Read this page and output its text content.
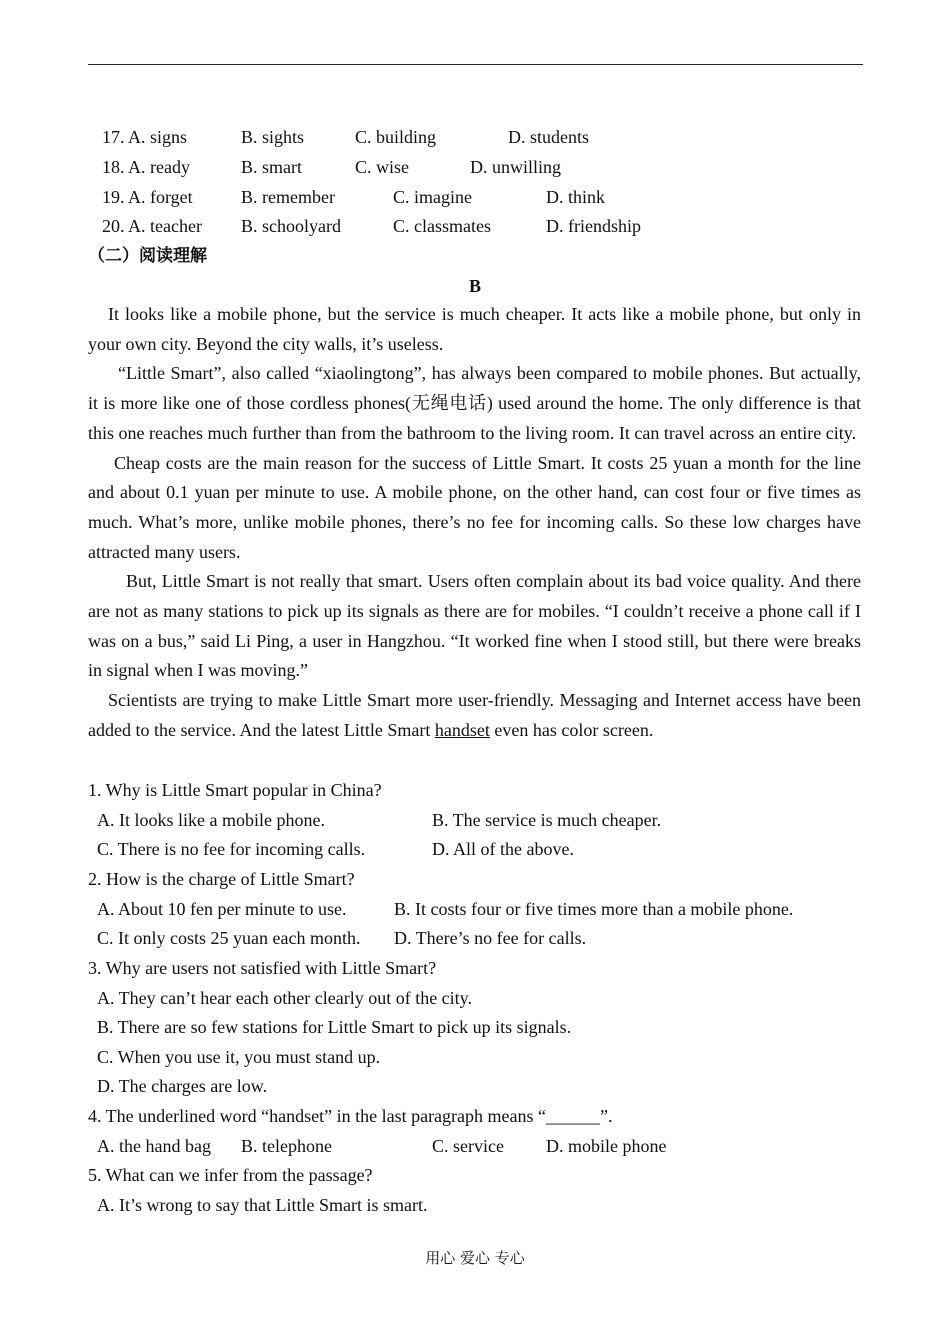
17. A. signs	B. sights	C. building	D. students
18. A. ready	B. smart	C. wise	D. unwilling
19. A. forget	B. remember	C. imagine	D. think
20. A. teacher B. schoolyard	C. classmates	D. friendship
（二）阅读理解
B
It looks like a mobile phone, but the service is much cheaper. It acts like a mobile phone, but only in your own city. Beyond the city walls, it’s useless.
“Little Smart”, also called “xiaolingtong”, has always been compared to mobile phones. But actually, it is more like one of those cordless phones(无绳电话) used around the home. The only difference is that this one reaches much further than from the bathroom to the living room. It can travel across an entire city.
Cheap costs are the main reason for the success of Little Smart. It costs 25 yuan a month for the line and about 0.1 yuan per minute to use. A mobile phone, on the other hand, can cost four or five times as much. What’s more, unlike mobile phones, there’s no fee for incoming calls. So these low charges have attracted many users.
But, Little Smart is not really that smart. Users often complain about its bad voice quality. And there are not as many stations to pick up its signals as there are for mobiles. “I couldn’t receive a phone call if I was on a bus,” said Li Ping, a user in Hangzhou. “It worked fine when I stood still, but there were breaks in signal when I was moving.”
Scientists are trying to make Little Smart more user-friendly. Messaging and Internet access have been added to the service. And the latest Little Smart handset even has color screen.
1. Why is Little Smart popular in China?
A. It looks like a mobile phone.	B. The service is much cheaper.
C. There is no fee for incoming calls.	D. All of the above.
2. How is the charge of Little Smart?
A. About 10 fen per minute to use.	B. It costs four or five times more than a mobile phone.
C. It only costs 25 yuan each month. D. There’s no fee for calls.
3. Why are users not satisfied with Little Smart?
A. They can’t hear each other clearly out of the city.
B. There are so few stations for Little Smart to pick up its signals.
C. When you use it, you must stand up.
D. The charges are low.
4. The underlined word “handset” in the last paragraph means “______”.
A. the hand bag B. telephone	C. service D. mobile phone
5. What can we infer from the passage?
A. It’s wrong to say that Little Smart is smart.
用心 爱心 专心
